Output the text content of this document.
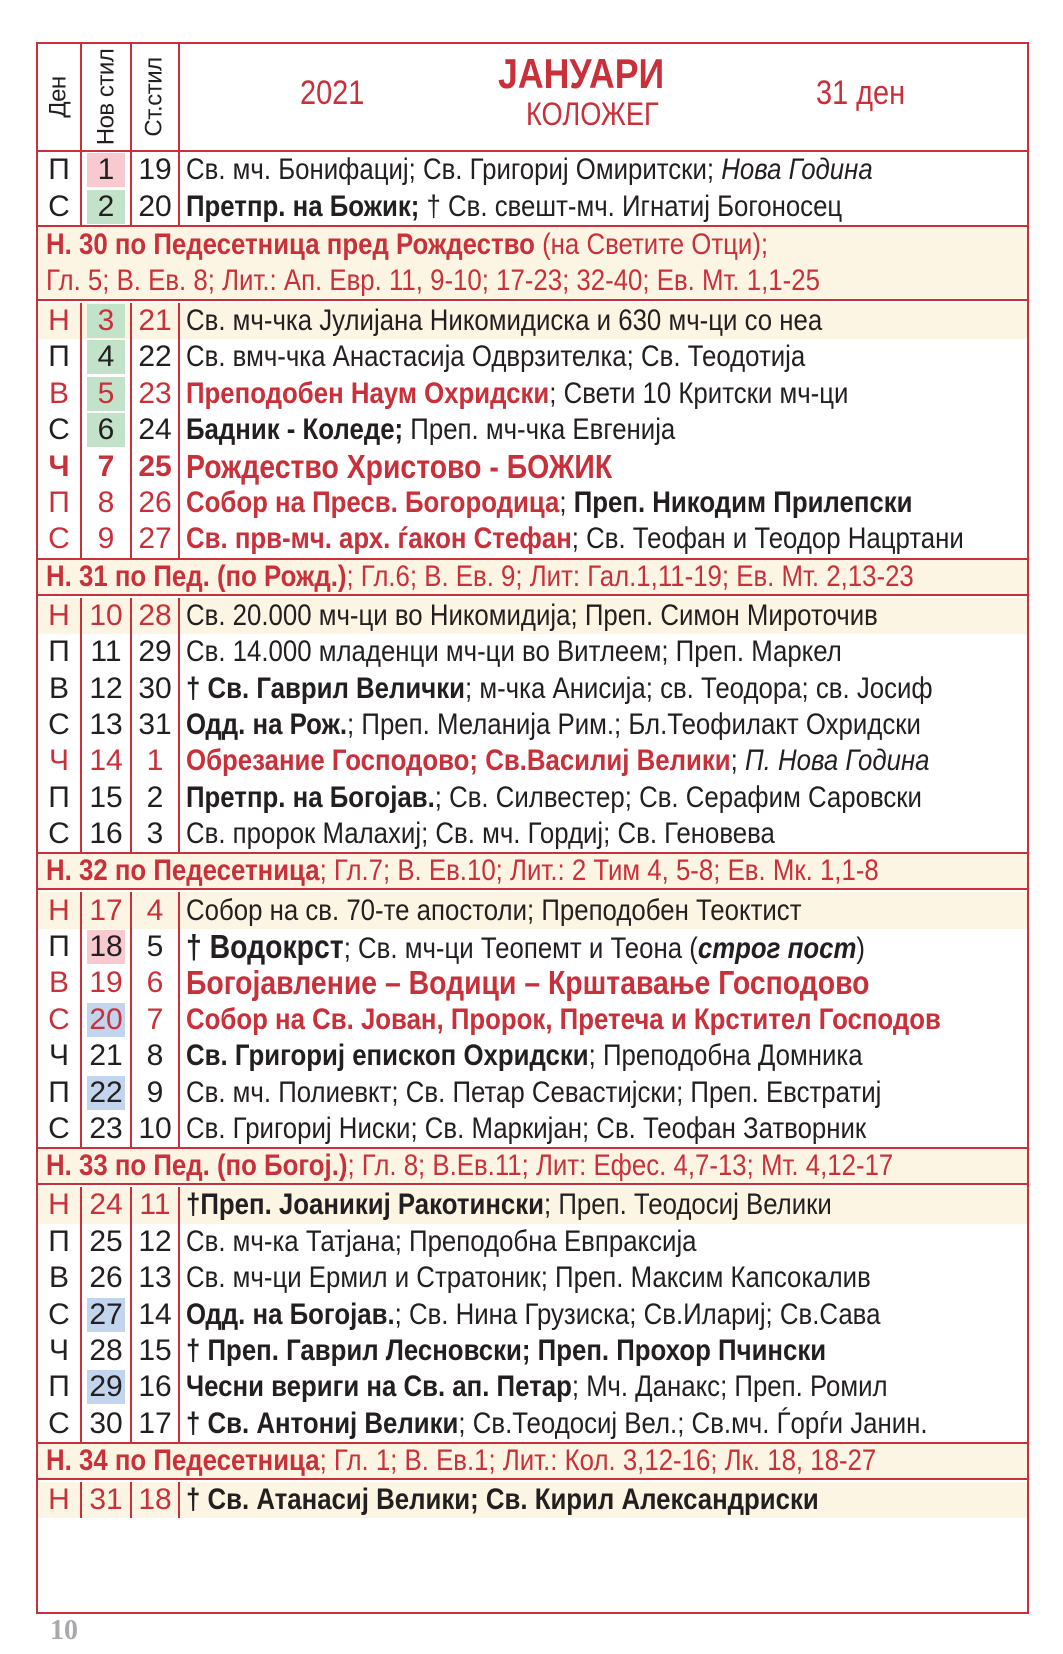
Ден Нов стил Ст.стил	2021	ЈАНУАРИ
КОЛОЖЕГ
31 ден
П 1 19 Св. мч. Бонифациј; Св. Григориј Омиритски; Нова Година
С 2 20 Претпр. на Божик; † Св. свешт-мч. Игнатиј Богоносец
Н. 30 по Педесетница пред Рождество (на Светите Отци);
Гл. 5; В. Ев. 8; Лит.: Ап. Евр. 11, 9-10; 17-23; 32-40; Ев. Мт. 1,1-25
Н 3 21 Св. мч-чка Јулијана Никомидиска и 630 мч-ци со неа
П 4 22 Св. вмч-чка Анастасија Одврзителка; Св. Теодотија
В 5 23 Преподобен Наум Охридски; Свети 10 Критски мч-ци
С 6 24 Бадник - Коледе; Преп. мч-чка Евгенија
Ч 7 25 Рождество Христово - БОЖИК
П 8 26 Собор на Пресв. Богородица; Преп. Никодим Прилепски
С 9 27 Св. прв-мч. арх. ѓакон Стефан; Св. Теофан и Теодор Нацртани
Н. 31 по Пед. (по Рожд.); Гл.6; В. Ев. 9; Лит: Гал.1,11-19; Ев. Мт. 2,13-23
Н 10 28 Св. 20.000 мч-ци во Никомидија; Преп. Симон Мироточив
П 11 29 Св. 14.000 младенци мч-ци во Витлеем; Преп. Маркел
В 12 30 † Св. Гаврил Велички; м-чка Анисија; св. Теодора; св. Јосиф
С 13 31 Одд. на Рож.; Преп. Меланија Рим.; Бл.Теофилакт Охридски
Ч 14 1 Обрезание Господово; Св.Василиј Велики; П. Нова Година
П 15 2 Претпр. на Богојав.; Св. Силвестер; Св. Серафим Саровски
С 16 3 Св. пророк Малахиј; Св. мч. Гордиј; Св. Геновева
Н. 32 по Педесетница; Гл.7; В. Ев.10; Лит.: 2 Тим 4, 5-8; Ев. Мк. 1,1-8
Н 17 4 Собор на св. 70-те апостоли; Преподобен Теоктист
П 18 5 † Водокрст; Св. мч-ци Теопемт и Теона (строг пост)
В 19 6 Богојавление – Водици – Крштавање Господово
С 20 7 Собор на Св. Јован, Пророк, Претеча и Крстител Господов
Ч 21 8 Св. Григориј епископ Охридски; Преподобна Домника
П 22 9 Св. мч. Полиевкт; Св. Петар Севастијски; Преп. Евстратиј
С 23 10 Св. Григориј Ниски; Св. Маркијан; Св. Теофан Затворник
Н. 33 по Пед. (по Богој.); Гл. 8; В.Ев.11; Лит: Ефес. 4,7-13; Мт. 4,12-17
Н 24 11 †Преп. Јоаникиј Ракотински; Преп. Теодосиј Велики
П 25 12 Св. мч-ка Татјана; Преподобна Евпраксија
В 26 13 Св. мч-ци Ермил и Стратоник; Преп. Максим Капсокалив
С 27 14 Одд. на Богојав.; Св. Нина Грузиска; Св.Илариј; Св.Сава
Ч 28 15 † Преп. Гаврил Лесновски; Преп. Прохор Пчински
П 29 16 Чесни вериги на Св. ап. Петар; Мч. Данакс; Преп. Ромил
С 30 17 † Св. Антониј Велики; Св.Теодосиј Вел.; Св.мч. Ѓорѓи Јанин.
Н. 34 по Педесетница; Гл. 1; В. Ев.1; Лит.: Кол. 3,12-16; Лк. 18, 18-27
Н 31 18 † Св. Атанасиј Велики; Св. Кирил Александриски
10
